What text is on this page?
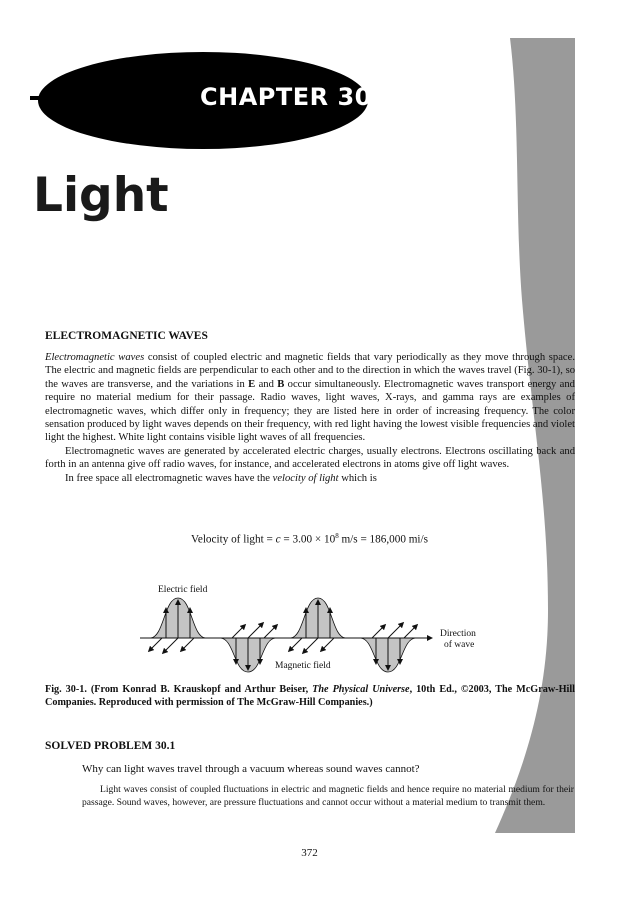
CHAPTER 30
Light
ELECTROMAGNETIC WAVES

Electromagnetic waves consist of coupled electric and magnetic fields that vary periodically as they move through space. The electric and magnetic fields are perpendicular to each other and to the direction in which the waves travel (Fig. 30-1), so the waves are transverse, and the variations in E and B occur simultaneously. Electromagnetic waves transport energy and require no material medium for their passage. Radio waves, light waves, X-rays, and gamma rays are examples of electromagnetic waves, which differ only in frequency; they are listed here in order of increasing frequency. The color sensation produced by light waves depends on their frequency, with red light having the lowest visible frequencies and violet light the highest. White light contains visible light waves of all frequencies.

Electromagnetic waves are generated by accelerated electric charges, usually electrons. Electrons oscillating back and forth in an antenna give off radio waves, for instance, and accelerated electrons in atoms give off light waves.

In free space all electromagnetic waves have the velocity of light which is

Velocity of light = $c = 3.00 \times 10^8$ m/s = 186,000 mi/s
Electric field
Magnetic field
Direction
of wave
Fig. 30-1. (From Konrad B. Krauskopf and Arthur Beiser, The Physical Universe, 10th Ed., ©2003, The McGraw-Hill Companies. Reproduced with permission of The McGraw-Hill Companies.)
SOLVED PROBLEM 30.1
Why can light waves travel through a vacuum whereas sound waves cannot?
Light waves consist of coupled fluctuations in electric and magnetic fields and hence require no material medium for their passage. Sound waves, however, are pressure fluctuations and cannot occur without a material medium to transmit them.
372
